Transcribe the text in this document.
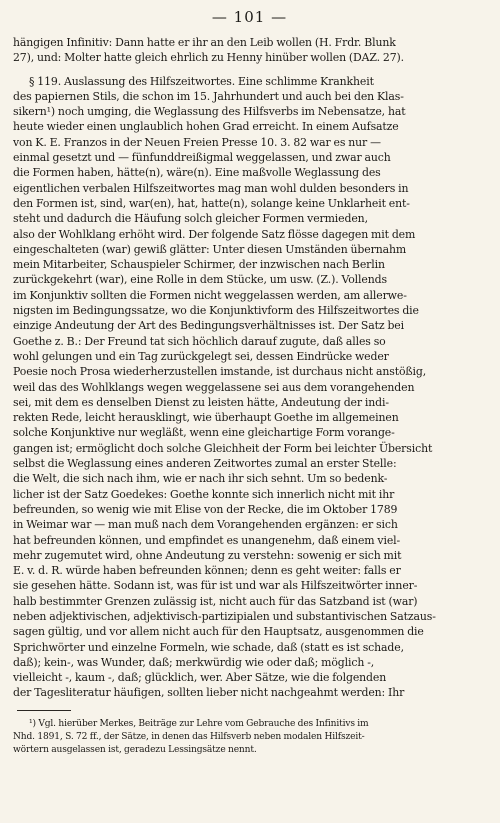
— 101 —
hängigen Infinitiv: Dann hatte er ihr an den Leib wollen (H. Frdr. Blunk
27), und: Molter hatte gleich ehrlich zu Henny hinüber wollen (DAZ. 27).
§ 119. Auslassung des Hilfszeitwortes. Eine schlimme Krankheit
des papiernen Stils, die schon im 15. Jahrhundert und auch bei den Klas-
sikern¹) noch umging, die Weglassung des Hilfsverbs im Nebensatze, hat
heute wieder einen unglaublich hohen Grad erreicht. In einem Aufsatze
von K. E. Franzos in der Neuen Freien Presse 10. 3. 82 war es nur —
einmal gesetzt und — fünfunddreißigmal weggelassen, und zwar auch
die Formen haben, hätte(n), wäre(n). Eine maßvolle Weglassung des
eigentlichen verbalen Hilfszeitwortes mag man wohl dulden besonders in
den Formen ist, sind, war(en), hat, hatte(n), solange keine Unklarheit ent-
steht und dadurch die Häufung solch gleicher Formen vermieden,
also der Wohlklang erhöht wird. Der folgende Satz flösse dagegen mit dem
eingeschalteten (war) gewiß glätter: Unter diesen Umständen übernahm
mein Mitarbeiter, Schauspieler Schirmer, der inzwischen nach Berlin
zurückgekehrt (war), eine Rolle in dem Stücke, um usw. (Z.). Vollends
im Konjunktiv sollten die Formen nicht weggelassen werden, am allerwe-
nigsten im Bedingungssatze, wo die Konjunktivform des Hilfszeitwortes die
einzige Andeutung der Art des Bedingungsverhältnisses ist. Der Satz bei
Goethe z. B.: Der Freund tat sich höchlich darauf zugute, daß alles so
wohl gelungen und ein Tag zurückgelegt sei, dessen Eindrücke weder
Poesie noch Prosa wiederherzustellen imstande, ist durchaus nicht anstößig,
weil das des Wohlklangs wegen weggelassene sei aus dem vorangehenden
sei, mit dem es denselben Dienst zu leisten hätte, Andeutung der indi-
rekten Rede, leicht herausklingt, wie überhaupt Goethe im allgemeinen
solche Konjunktive nur wegläßt, wenn eine gleichartige Form vorange-
gangen ist; ermöglicht doch solche Gleichheit der Form bei leichter Übersicht
selbst die Weglassung eines anderen Zeitwortes zumal an erster Stelle:
die Welt, die sich nach ihm, wie er nach ihr sich sehnt. Um so bedenk-
licher ist der Satz Goedekes: Goethe konnte sich innerlich nicht mit ihr
befreunden, so wenig wie mit Elise von der Recke, die im Oktober 1789
in Weimar war — man muß nach dem Vorangehenden ergänzen: er sich
hat befreunden können, und empfindet es unangenehm, daß einem viel-
mehr zugemutet wird, ohne Andeutung zu verstehn: sowenig er sich mit
E. v. d. R. würde haben befreunden können; denn es geht weiter: falls er
sie gesehen hätte. Sodann ist, was für ist und war als Hilfszeitwörter inner-
halb bestimmter Grenzen zulässig ist, nicht auch für das Satzband ist (war)
neben adjektivischen, adjektivisch-partizipialen und substantivischen Satzaus-
sagen gültig, und vor allem nicht auch für den Hauptsatz, ausgenommen die
Sprichwörter und einzelne Formeln, wie schade, daß (statt es ist schade,
daß); kein-, was Wunder, daß; merkwürdig wie oder daß; möglich -,
vielleicht -, kaum -, daß; glücklich, wer. Aber Sätze, wie die folgenden
der Tagesliteratur häufigen, sollten lieber nicht nachgeahmt werden: Ihr
¹) Vgl. hierüber Merkes, Beiträge zur Lehre vom Gebrauche des Infinitivs im
Nhd. 1891, S. 72 ff., der Sätze, in denen das Hilfsverb neben modalen Hilfszeit-
wörtern ausgelassen ist, geradezu Lessingsätze nennt.
